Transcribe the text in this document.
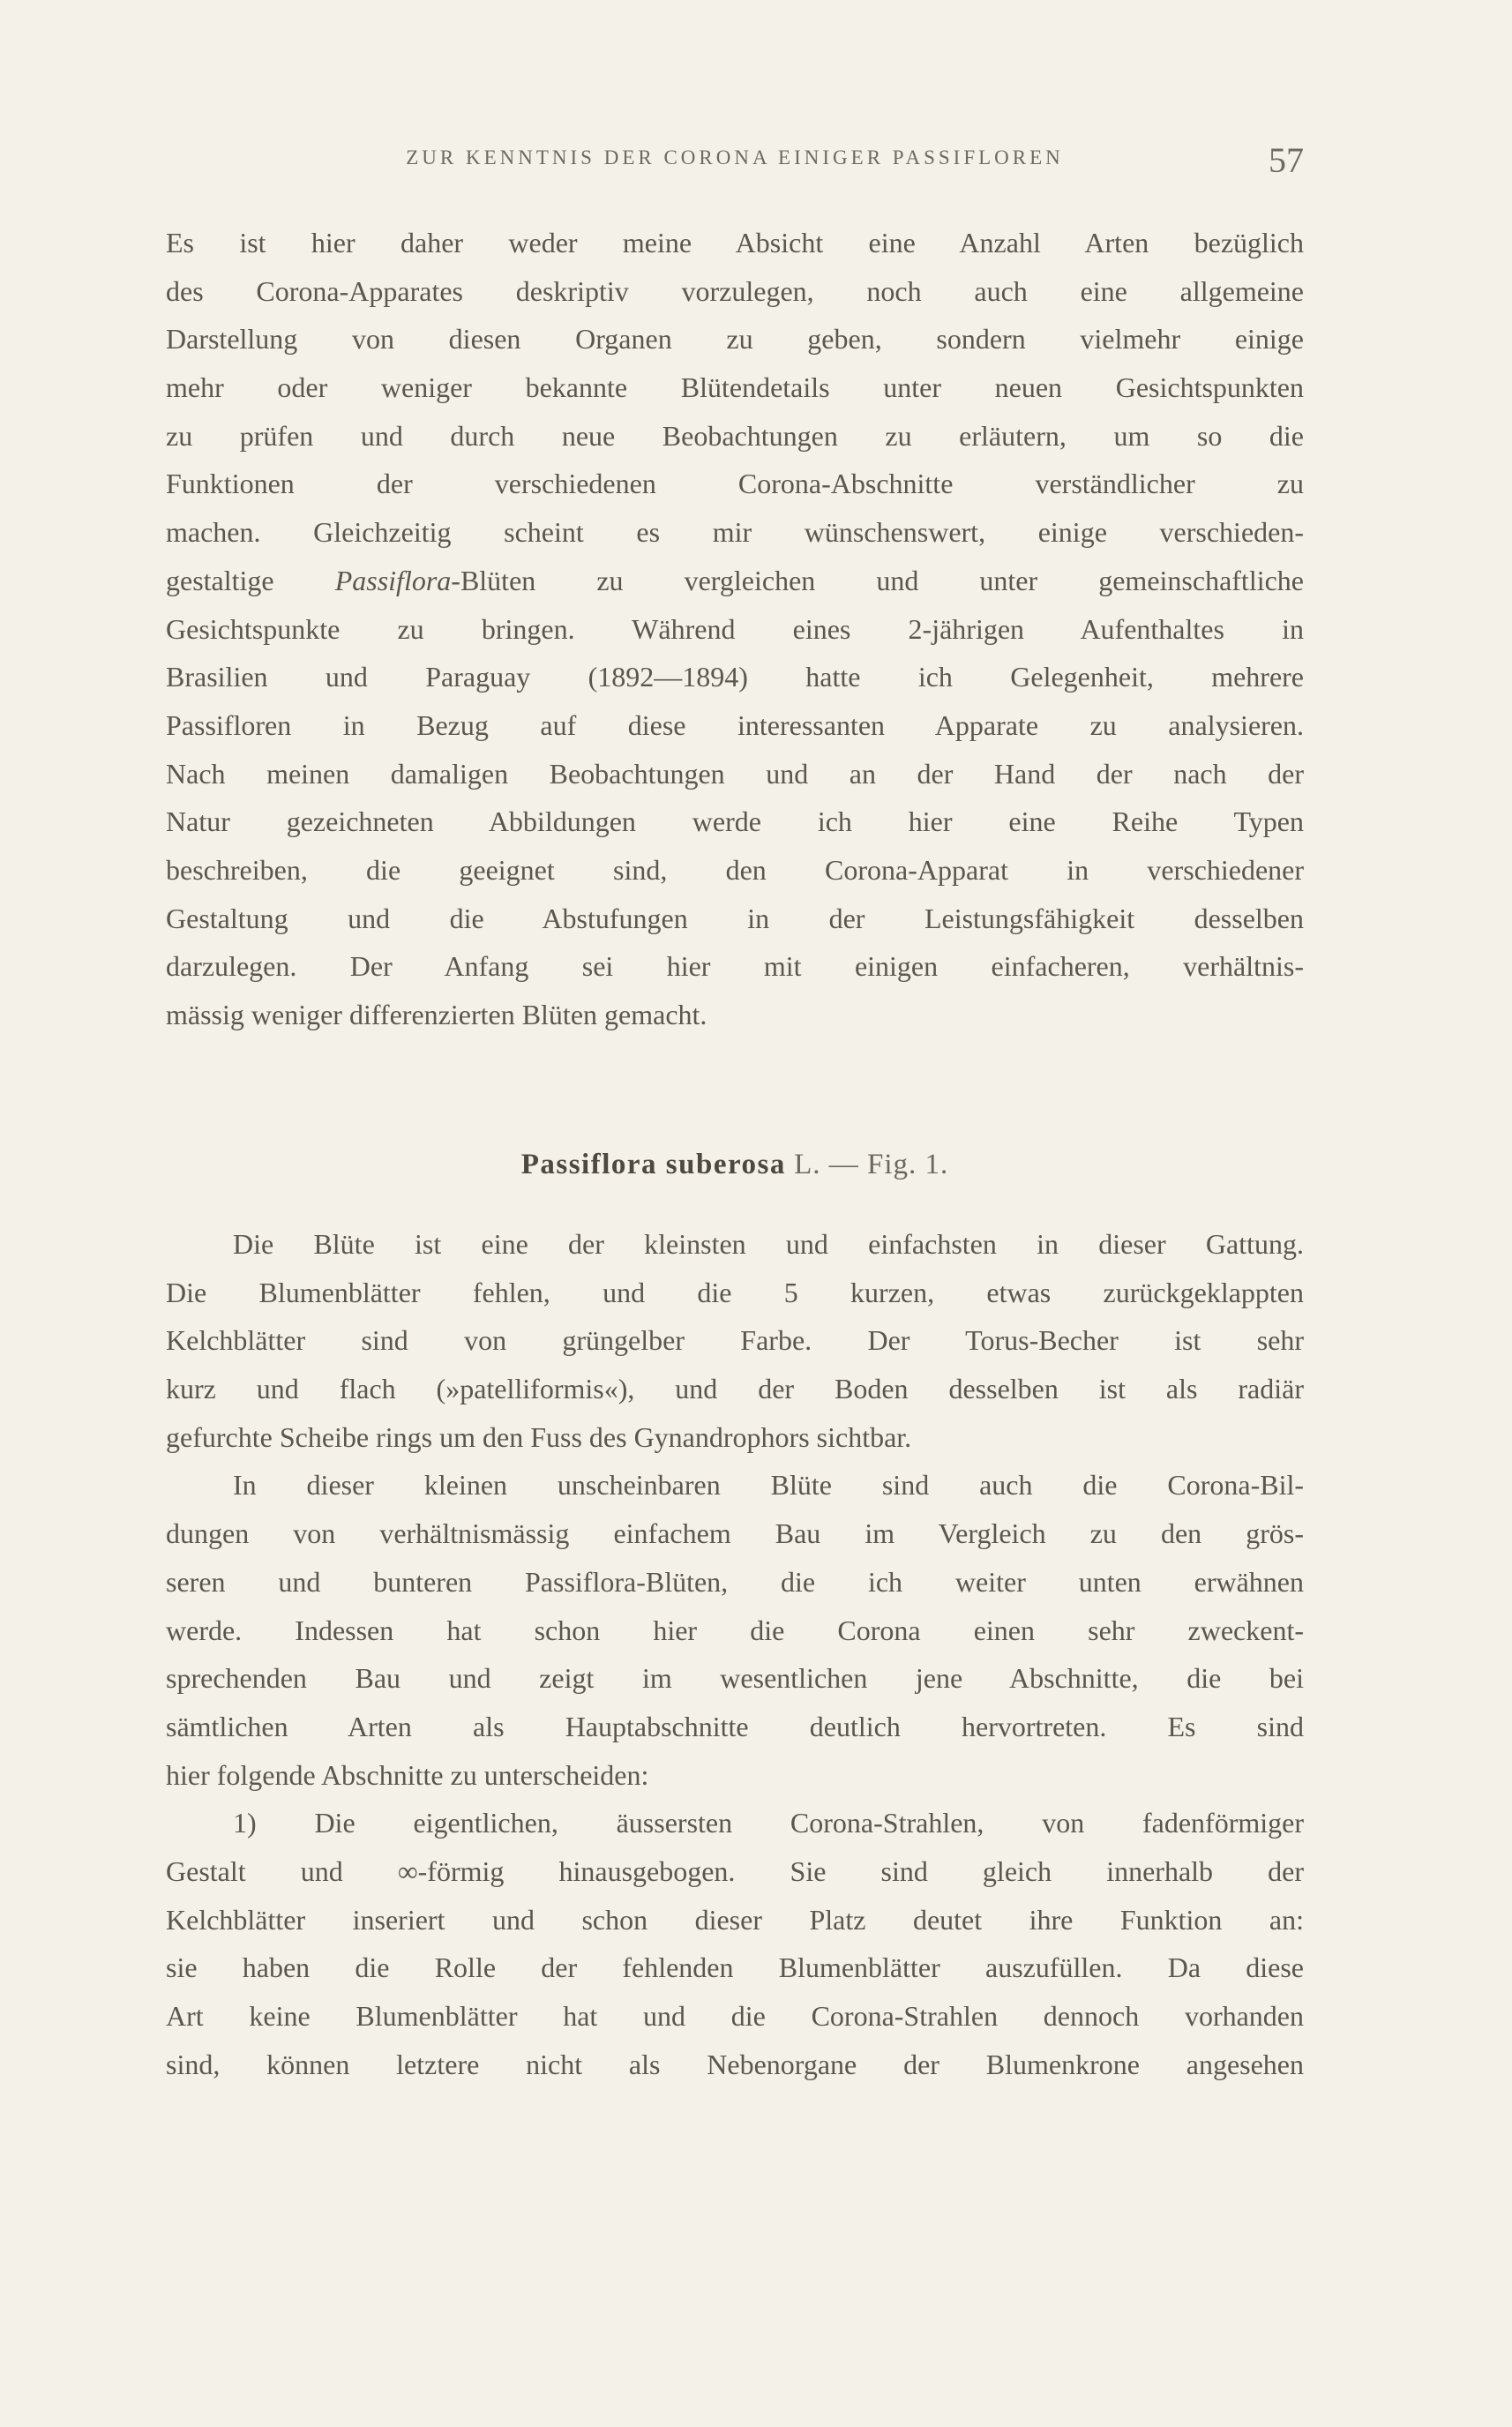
ZUR KENNTNIS DER CORONA EINIGER PASSIFLOREN	57
Es ist hier daher weder meine Absicht eine Anzahl Arten bezüglich
des Corona-Apparates deskriptiv vorzulegen, noch auch eine allgemeine
Darstellung von diesen Organen zu geben, sondern vielmehr einige
mehr oder weniger bekannte Blütendetails unter neuen Gesichtspunkten
zu prüfen und durch neue Beobachtungen zu erläutern, um so die
Funktionen der verschiedenen Corona-Abschnitte verständlicher zu
machen. Gleichzeitig scheint es mir wünschenswert, einige verschieden-
gestaltige Passiflora-Blüten zu vergleichen und unter gemeinschaftliche
Gesichtspunkte zu bringen. Während eines 2-jährigen Aufenthaltes in
Brasilien und Paraguay (1892—1894) hatte ich Gelegenheit, mehrere
Passifloren in Bezug auf diese interessanten Apparate zu analysieren.
Nach meinen damaligen Beobachtungen und an der Hand der nach der
Natur gezeichneten Abbildungen werde ich hier eine Reihe Typen
beschreiben, die geeignet sind, den Corona-Apparat in verschiedener
Gestaltung und die Abstufungen in der Leistungsfähigkeit desselben
darzulegen. Der Anfang sei hier mit einigen einfacheren, verhältnis-
mässig weniger differenzierten Blüten gemacht.
Passiflora suberosa L. — Fig. 1.
Die Blüte ist eine der kleinsten und einfachsten in dieser Gattung.
Die Blumenblätter fehlen, und die 5 kurzen, etwas zurückgeklappten
Kelchblätter sind von grüngelber Farbe. Der Torus-Becher ist sehr
kurz und flach (»patelliformis«), und der Boden desselben ist als radiär
gefurchte Scheibe rings um den Fuss des Gynandrophors sichtbar.
In dieser kleinen unscheinbaren Blüte sind auch die Corona-Bil-
dungen von verhältnismässig einfachem Bau im Vergleich zu den grös-
seren und bunteren Passiflora-Blüten, die ich weiter unten erwähnen
werde. Indessen hat schon hier die Corona einen sehr zweckent-
sprechenden Bau und zeigt im wesentlichen jene Abschnitte, die bei
sämtlichen Arten als Hauptabschnitte deutlich hervortreten. Es sind
hier folgende Abschnitte zu unterscheiden:
1) Die eigentlichen, äussersten Corona-Strahlen, von fadenförmiger
Gestalt und ∞-förmig hinausgebogen. Sie sind gleich innerhalb der
Kelchblätter inseriert und schon dieser Platz deutet ihre Funktion an:
sie haben die Rolle der fehlenden Blumenblätter auszufüllen. Da diese
Art keine Blumenblätter hat und die Corona-Strahlen dennoch vorhanden
sind, können letztere nicht als Nebenorgane der Blumenkrone angesehen
